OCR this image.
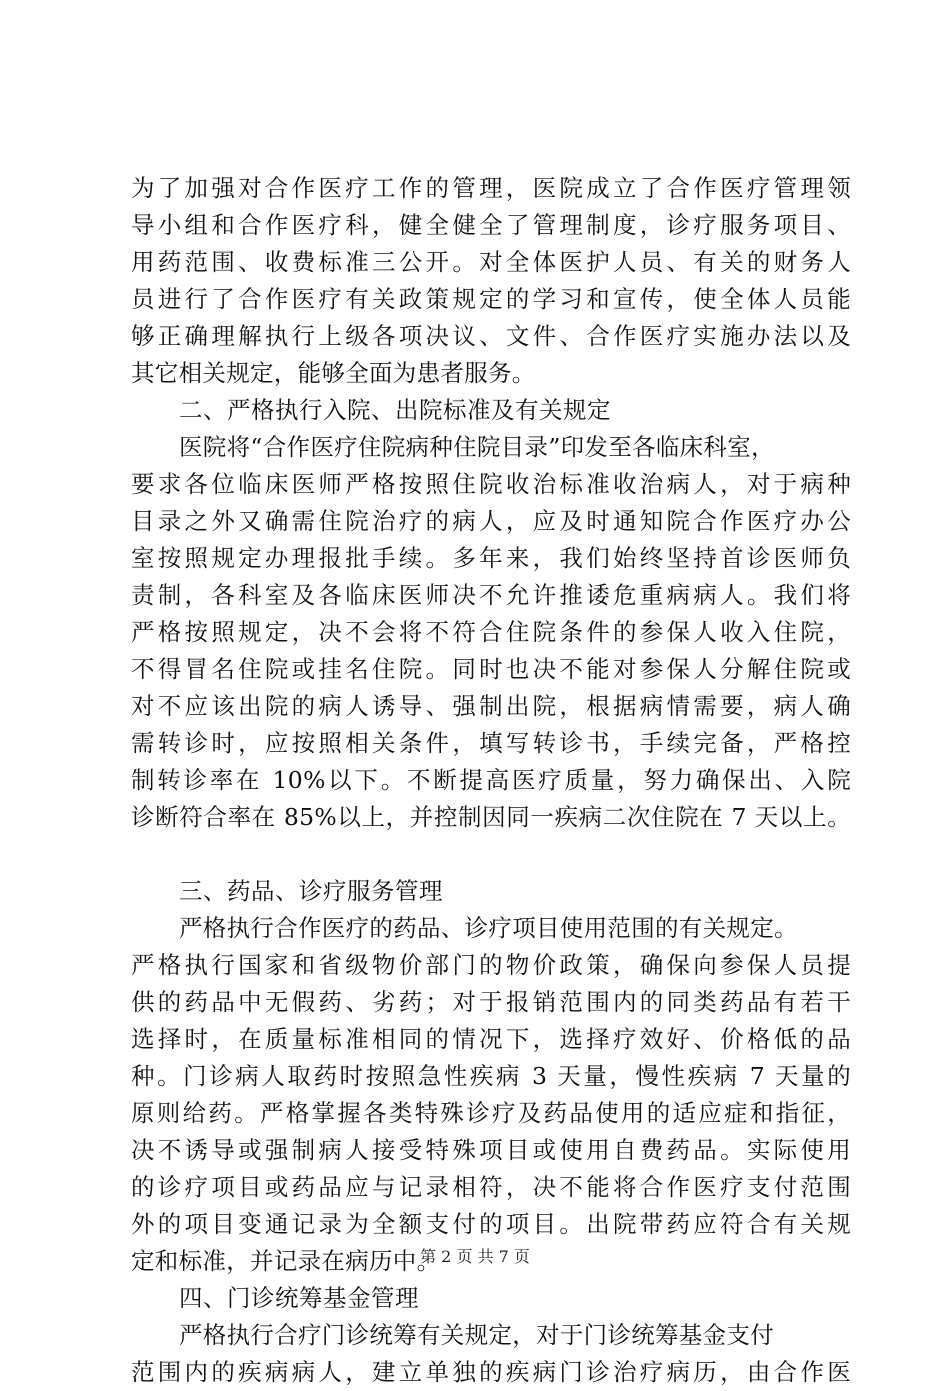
为了加强对合作医疗工作的管理，医院成立了合作医疗管理领
导小组和合作医疗科，健全健全了管理制度，诊疗服务项目、
用药范围、收费标准三公开。对全体医护人员、有关的财务人
员进行了合作医疗有关政策规定的学习和宣传，使全体人员能
够正确理解执行上级各项决议、文件、合作医疗实施办法以及
其它相关规定，能够全面为患者服务。
二、严格执行入院、出院标准及有关规定
医院将“合作医疗住院病种住院目录”印发至各临床科室，
要求各位临床医师严格按照住院收治标准收治病人，对于病种
目录之外又确需住院治疗的病人，应及时通知院合作医疗办公
室按照规定办理报批手续。多年来，我们始终坚持首诊医师负
责制，各科室及各临床医师决不允许推诿危重病病人。我们将
严格按照规定，决不会将不符合住院条件的参保人收入住院，
不得冒名住院或挂名住院。同时也决不能对参保人分解住院或
对不应该出院的病人诱导、强制出院，根据病情需要，病人确
需转诊时，应按照相关条件，填写转诊书，手续完备，严格控
制转诊率在 10%以下。不断提高医疗质量，努力确保出、入院
诊断符合率在 85%以上，并控制因同一疾病二次住院在 7 天以上。
三、药品、诊疗服务管理
严格执行合作医疗的药品、诊疗项目使用范围的有关规定。
严格执行国家和省级物价部门的物价政策，确保向参保人员提
供的药品中无假药、劣药；对于报销范围内的同类药品有若干
选择时，在质量标准相同的情况下，选择疗效好、价格低的品
种。门诊病人取药时按照急性疾病 3 天量，慢性疾病 7 天量的
原则给药。严格掌握各类特殊诊疗及药品使用的适应症和指征，
决不诱导或强制病人接受特殊项目或使用自费药品。实际使用
的诊疗项目或药品应与记录相符，决不能将合作医疗支付范围
外的项目变通记录为全额支付的项目。出院带药应符合有关规
定和标准，并记录在病历中。
四、门诊统筹基金管理
严格执行合疗门诊统筹有关规定，对于门诊统筹基金支付
范围内的疾病病人，建立单独的疾病门诊治疗病历，由合作医
第 2 页 共 7 页
